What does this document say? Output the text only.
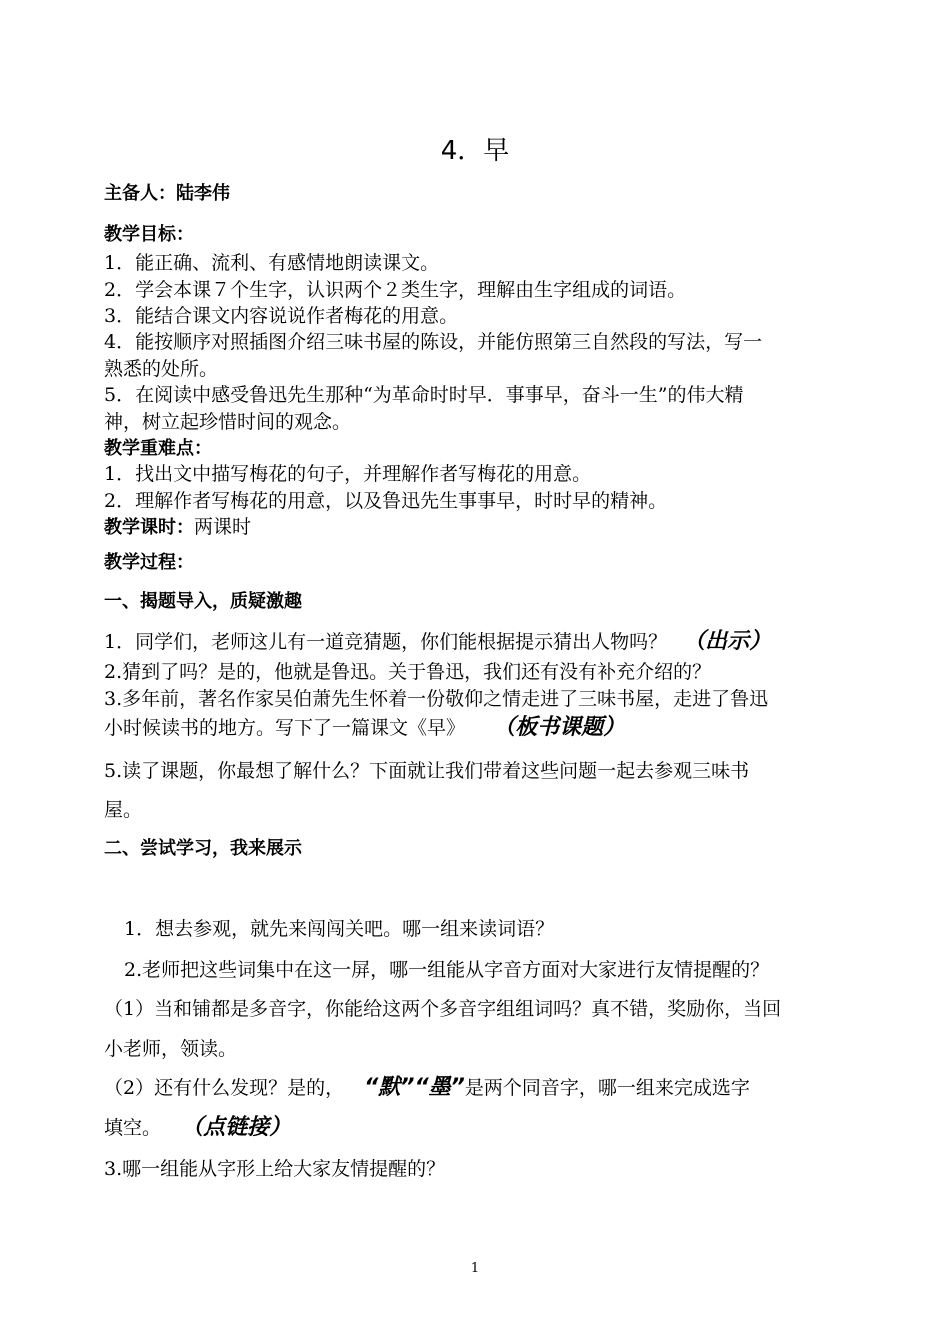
4．早
主备人：陆李伟
教学目标：
1．能正确、流利、有感情地朗读课文。
2．学会本课７个生字，认识两个２类生字，理解由生字组成的词语。
3．能结合课文内容说说作者梅花的用意。
4．能按顺序对照插图介绍三味书屋的陈设，并能仿照第三自然段的写法，写一
熟悉的处所。
5．在阅读中感受鲁迅先生那种“为革命时时早．事事早，奋斗一生”的伟大精
神，树立起珍惜时间的观念。
教学重难点：
1．找出文中描写梅花的句子，并理解作者写梅花的用意。
2．理解作者写梅花的用意，以及鲁迅先生事事早，时时早的精神。
教学课时：两课时
教学过程：
一、揭题导入，质疑激趣
1．同学们，老师这儿有一道竞猜题，你们能根据提示猜出人物吗？ （出示）
2.猜到了吗？是的，他就是鲁迅。关于鲁迅，我们还有没有补充介绍的？
3.多年前，著名作家吴伯萧先生怀着一份敬仰之情走进了三味书屋，走进了鲁迅
小时候读书的地方。写下了一篇课文《早》 （板书课题）
5.读了课题，你最想了解什么？下面就让我们带着这些问题一起去参观三味书
屋。
二、尝试学习，我来展示
1．想去参观，就先来闯闯关吧。哪一组来读词语？
2.老师把这些词集中在这一屏，哪一组能从字音方面对大家进行友情提醒的？
（1）当和铺都是多音字，你能给这两个多音字组组词吗？真不错，奖励你，当回
小老师，领读。
（2）还有什么发现？是的， “默”“墨”是两个同音字，哪一组来完成选字
填空。 （点链接）
3.哪一组能从字形上给大家友情提醒的？
1
